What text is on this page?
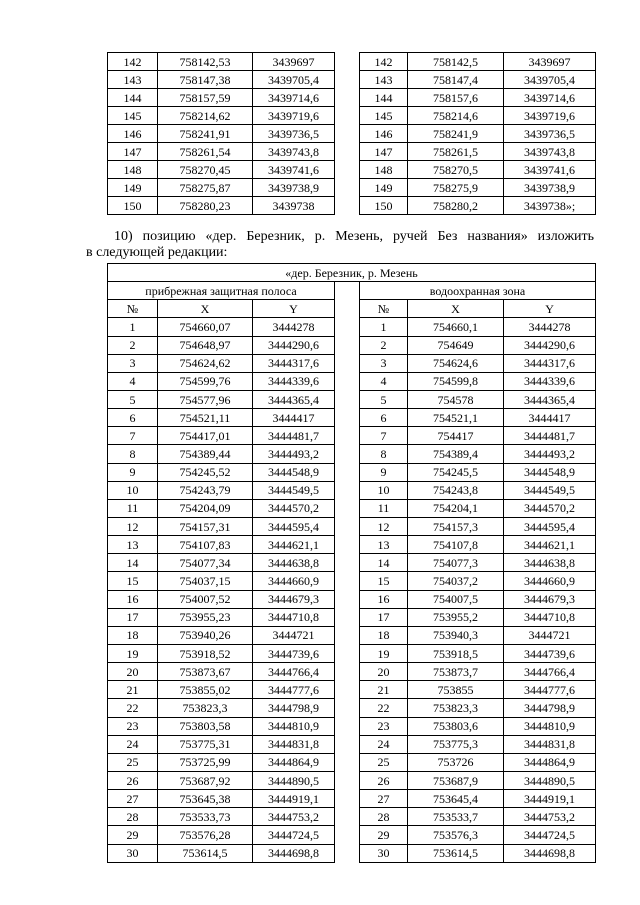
142	758142,53	3439697		142	758142,5	3439697
143	758147,38	3439705,4		143	758147,4	3439705,4
144	758157,59	3439714,6		144	758157,6	3439714,6
145	758214,62	3439719,6		145	758214,6	3439719,6
146	758241,91	3439736,5		146	758241,9	3439736,5
147	758261,54	3439743,8		147	758261,5	3439743,8
148	758270,45	3439741,6		148	758270,5	3439741,6
149	758275,87	3439738,9		149	758275,9	3439738,9
150	758280,23	3439738		150	758280,2	3439738»;
10) позицию «дер. Березник, р. Мезень, ручей Без названия» изложить
в следующей редакции:
«дер. Березник, р. Мезень						
прибрежная защитная полоса				водоохранная зона		
№	X	Y		№	X	Y
1	754660,07	3444278		1	754660,1	3444278
2	754648,97	3444290,6		2	754649	3444290,6
3	754624,62	3444317,6		3	754624,6	3444317,6
4	754599,76	3444339,6		4	754599,8	3444339,6
5	754577,96	3444365,4		5	754578	3444365,4
6	754521,11	3444417		6	754521,1	3444417
7	754417,01	3444481,7		7	754417	3444481,7
8	754389,44	3444493,2		8	754389,4	3444493,2
9	754245,52	3444548,9		9	754245,5	3444548,9
10	754243,79	3444549,5		10	754243,8	3444549,5
11	754204,09	3444570,2		11	754204,1	3444570,2
12	754157,31	3444595,4		12	754157,3	3444595,4
13	754107,83	3444621,1		13	754107,8	3444621,1
14	754077,34	3444638,8		14	754077,3	3444638,8
15	754037,15	3444660,9		15	754037,2	3444660,9
16	754007,52	3444679,3		16	754007,5	3444679,3
17	753955,23	3444710,8		17	753955,2	3444710,8
18	753940,26	3444721		18	753940,3	3444721
19	753918,52	3444739,6		19	753918,5	3444739,6
20	753873,67	3444766,4		20	753873,7	3444766,4
21	753855,02	3444777,6		21	753855	3444777,6
22	753823,3	3444798,9		22	753823,3	3444798,9
23	753803,58	3444810,9		23	753803,6	3444810,9
24	753775,31	3444831,8		24	753775,3	3444831,8
25	753725,99	3444864,9		25	753726	3444864,9
26	753687,92	3444890,5		26	753687,9	3444890,5
27	753645,38	3444919,1		27	753645,4	3444919,1
28	753533,73	3444753,2		28	753533,7	3444753,2
29	753576,28	3444724,5		29	753576,3	3444724,5
30	753614,5	3444698,8		30	753614,5	3444698,8
